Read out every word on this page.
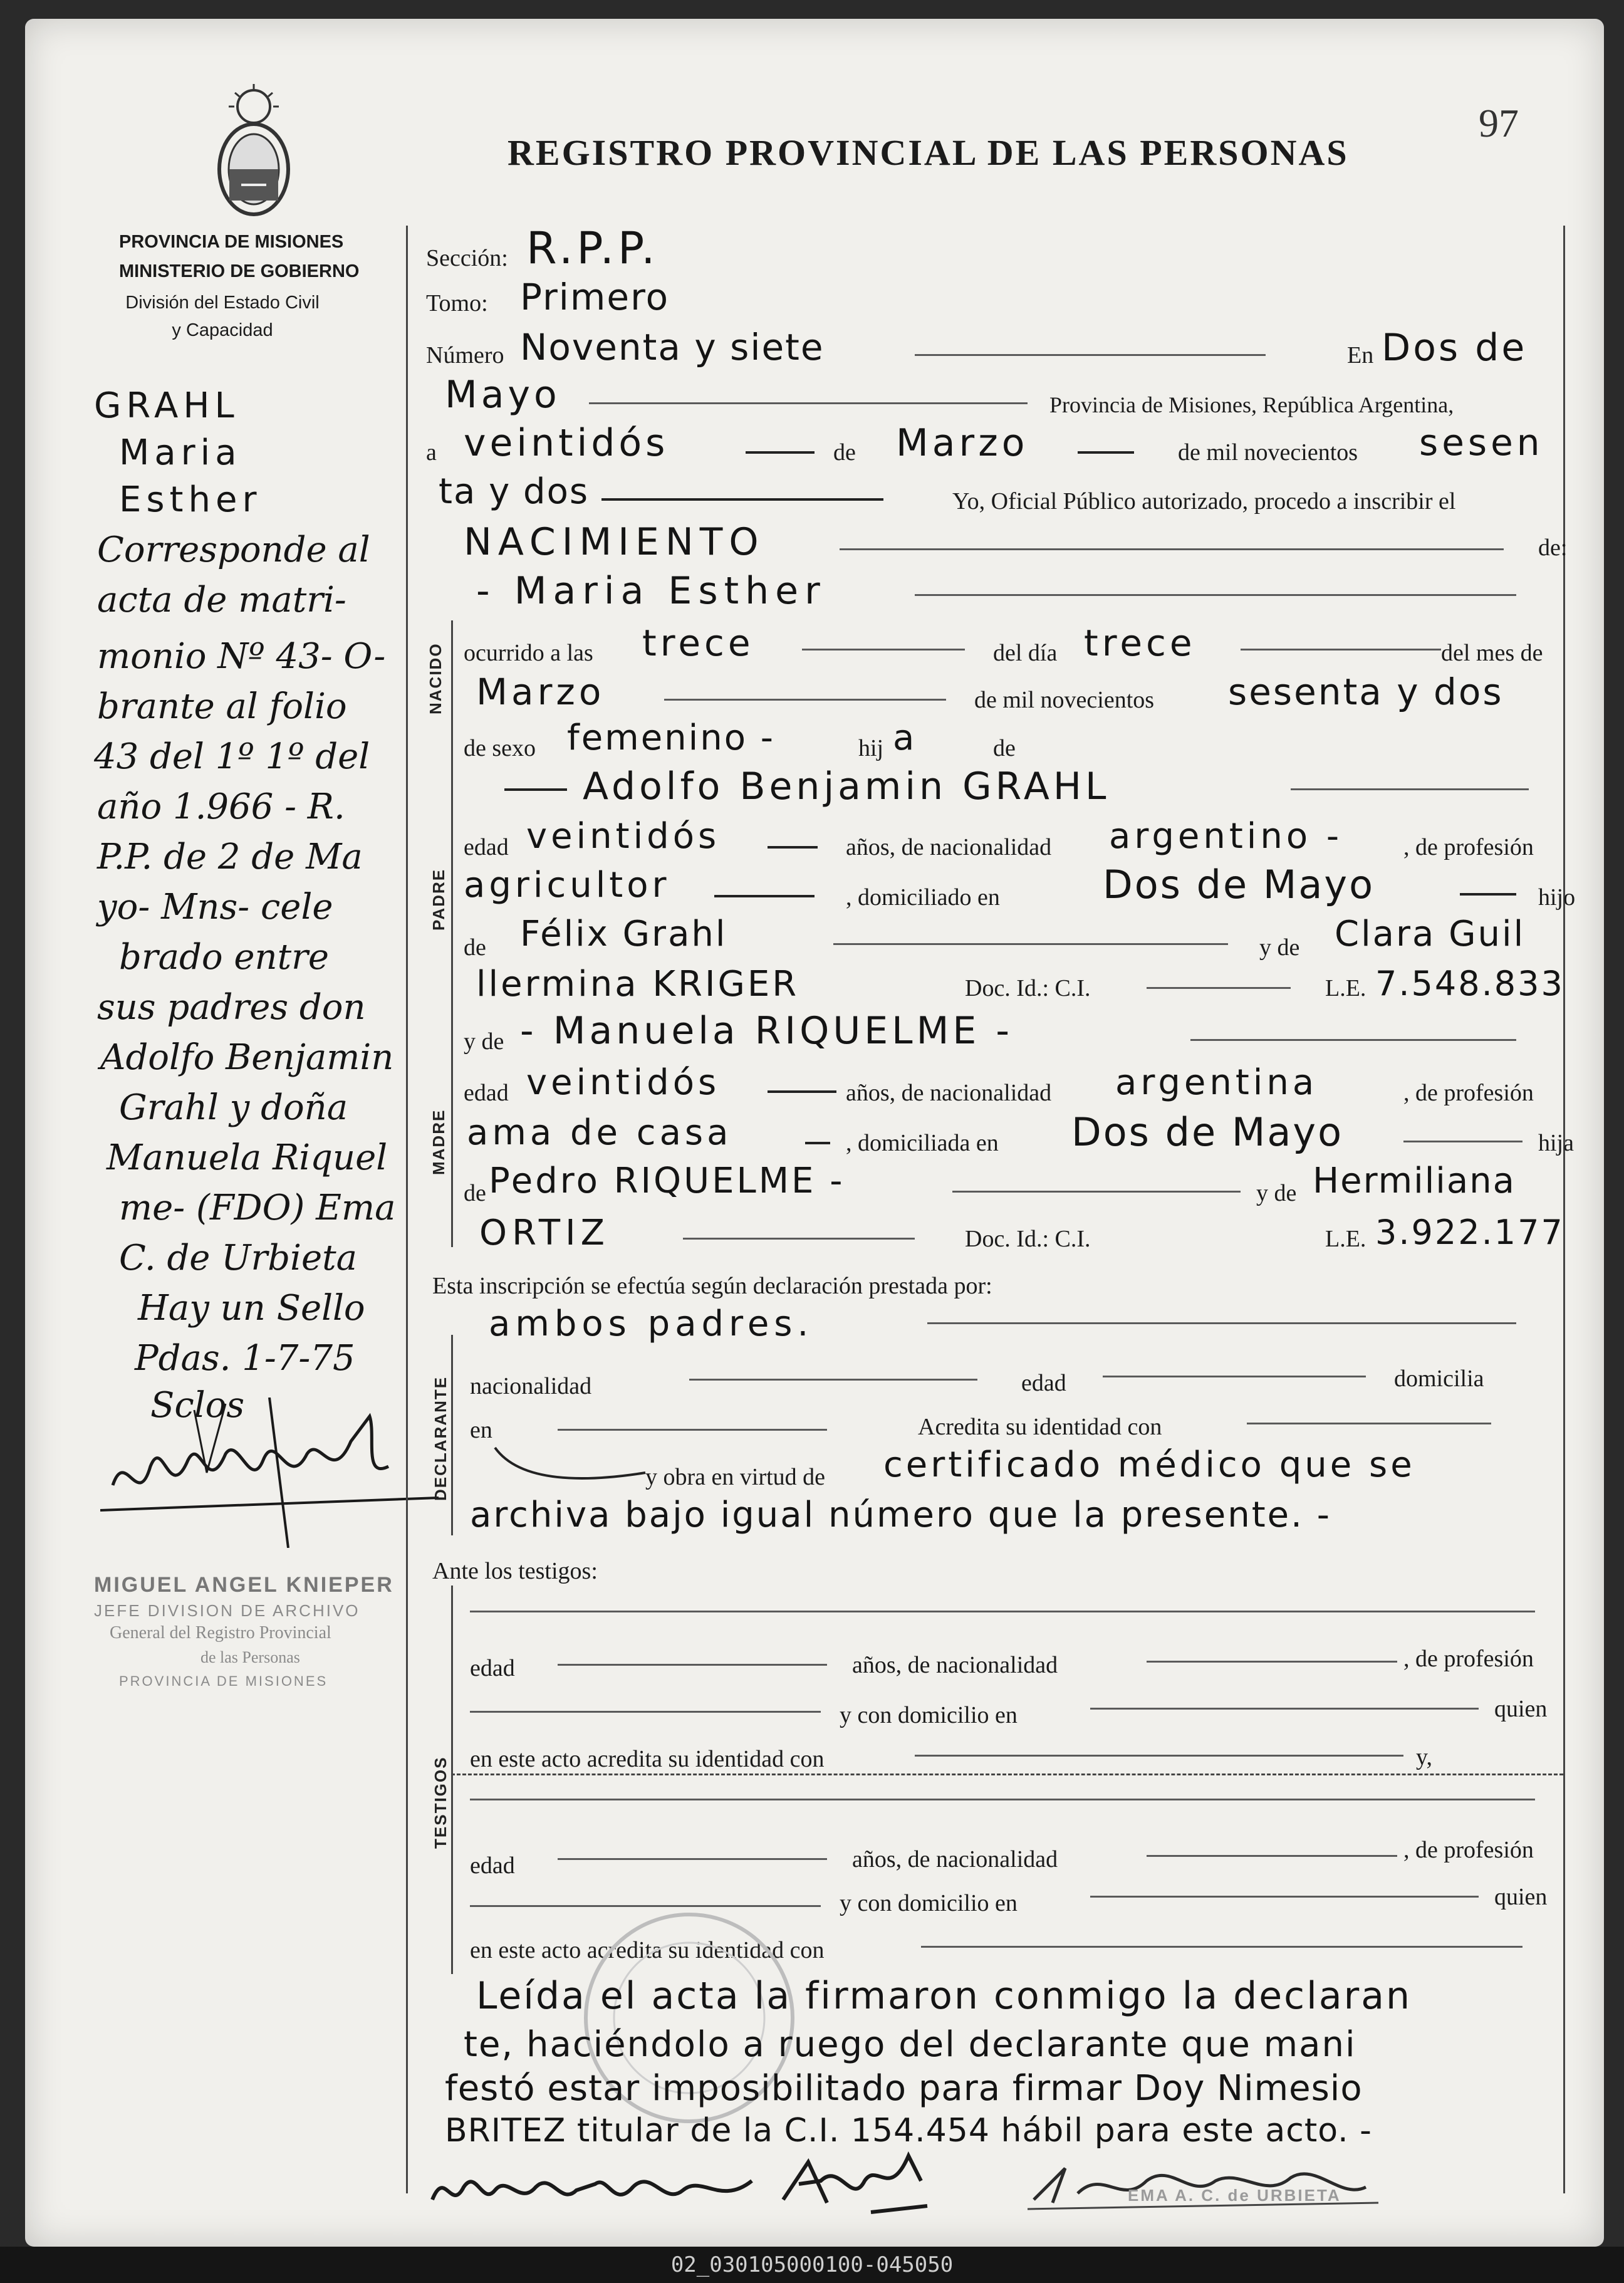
97
REGISTRO PROVINCIAL DE LAS PERSONAS
PROVINCIA DE MISIONES
MINISTERIO DE GOBIERNO
División del Estado Civil
y Capacidad
GRAHL
Maria
Esther
Corresponde al
acta de matri-
monio Nº 43- O-
brante al folio
43 del 1º 1º del
año 1.966 - R.
P.P. de 2 de Ma
yo- Mns- cele
brado entre
sus padres don
Adolfo Benjamin
Grahl y doña
Manuela Riquel
me- (FDO) Ema
C. de Urbieta
Hay un Sello
Pdas. 1-7-75
Sclos
MIGUEL ANGEL KNIEPER
JEFE DIVISION DE ARCHIVO
General del Registro Provincial
de las Personas
PROVINCIA DE MISIONES
NACIDO
PADRE
MADRE
DECLARANTE
TESTIGOS
Sección: R.P.P.
Tomo: Primero
Número Noventa y siete	En Dos de
Mayo	Provincia de Misiones, República Argentina,
a veintidós	de Marzo	de mil novecientos sesen
ta y dos	Yo, Oficial Público autorizado, procedo a inscribir el
NACIMIENTO	de:
- Maria Esther
ocurrido a las trece	del día trece	del mes de
Marzo	de mil novecientos sesenta y dos
de sexo femenino -	hij a	de
Adolfo Benjamin GRAHL
edad veintidós	años, de nacionalidad argentino -	, de profesión
agricultor	, domiciliado en	Dos de Mayo	hijo
de Félix Grahl	y de Clara Guil
llermina KRIGER	Doc. Id.: C.I.	L.E. 7.548.833
y de - Manuela RIQUELME -
edad veintidós	años, de nacionalidad argentina	, de profesión
ama de casa	, domiciliada en Dos de Mayo	hija
de Pedro RIQUELME -	y de Hermiliana
ORTIZ	Doc. Id.: C.I.	L.E. 3.922.177
Esta inscripción se efectúa según declaración prestada por:
ambos padres.
nacionalidad	edad	domicilia
en	Acredita su identidad con
y obra en virtud de certificado médico que se
archiva bajo igual número que la presente. -
Ante los testigos:
edad	años, de nacionalidad	, de profesión
y con domicilio en	quien
en este acto acredita su identidad con	y,
edad	años, de nacionalidad	, de profesión
y con domicilio en	quien
en este acto acredita su identidad con
Leída el acta la firmaron conmigo la declaran
te, haciéndolo a ruego del declarante que mani
festó estar imposibilitado para firmar Doy Nimesio
BRITEZ titular de la C.I. 154.454 hábil para este acto. -
EMA A. C. de URBIETA
02_030105000100-045050
